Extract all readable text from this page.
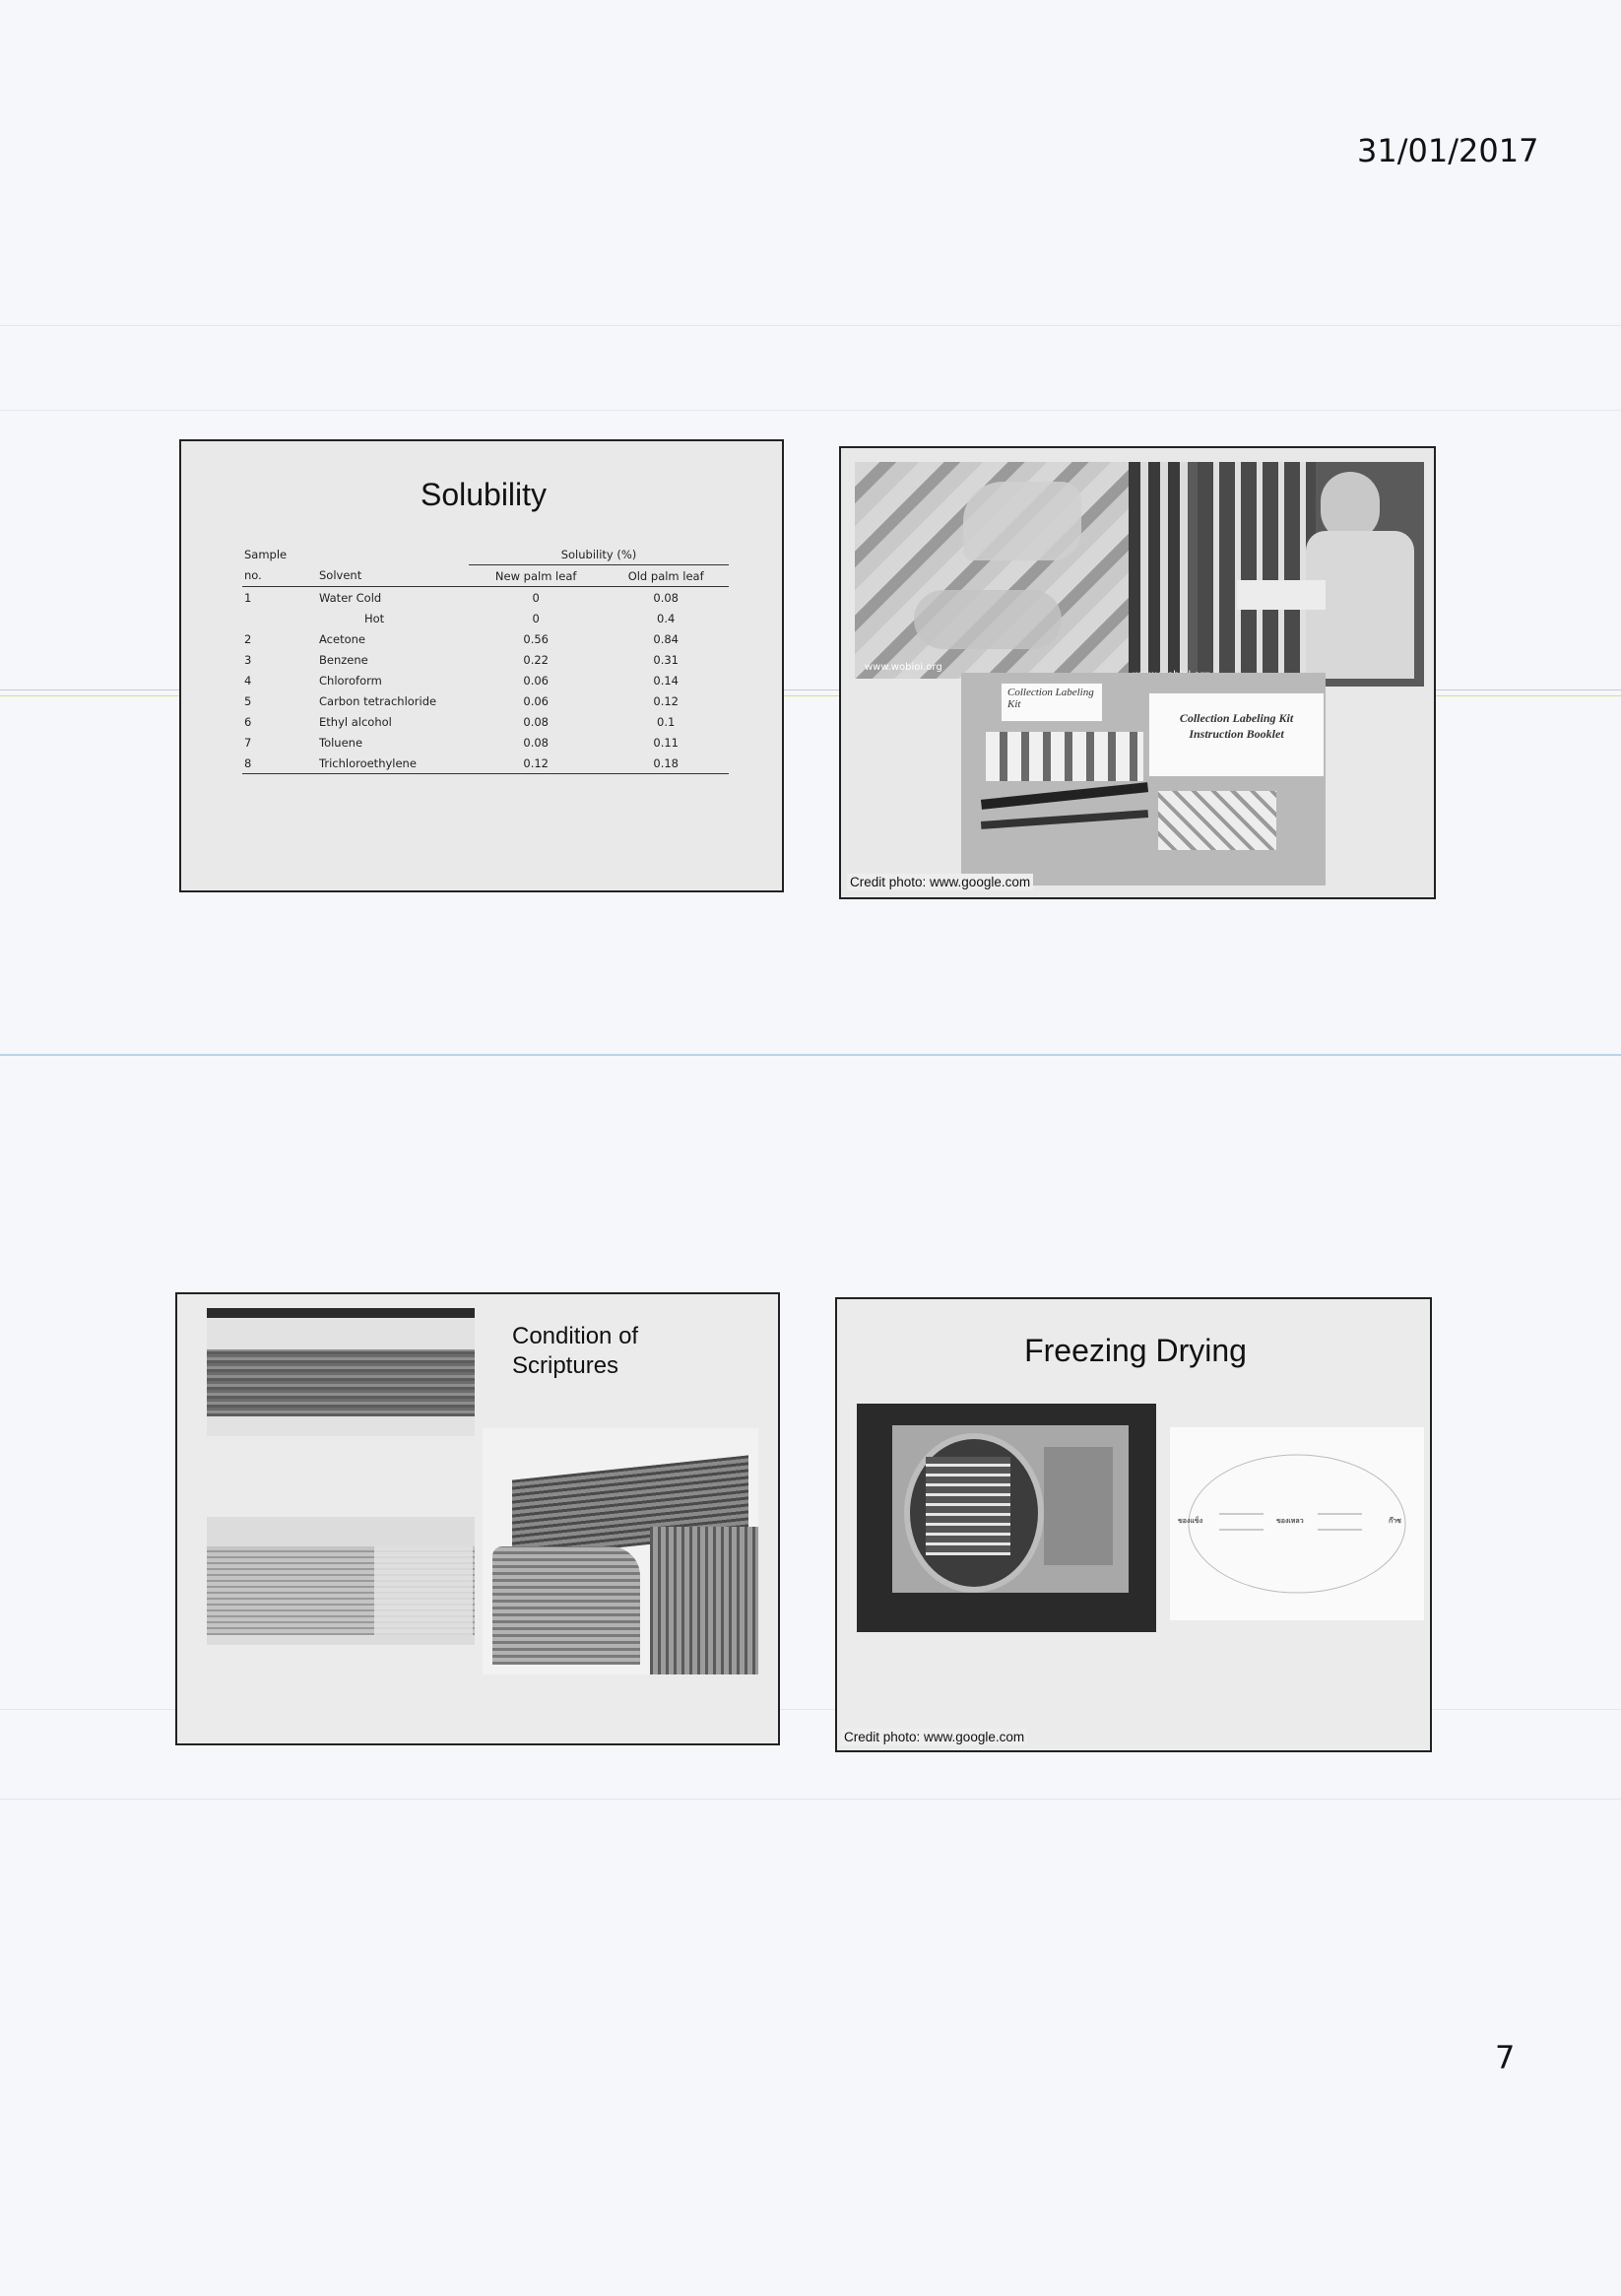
31/01/2017
Solubility
Sample		Solubility (%)	
no.	Solvent	New palm leaf	Old palm leaf
1	Water Cold	0	0.08
	Hot	0	0.4
2	Acetone	0.56	0.84
3	Benzene	0.22	0.31
4	Chloroform	0.06	0.14
5	Carbon tetrachloride	0.06	0.12
6	Ethyl alcohol	0.08	0.1
7	Toluene	0.08	0.11
8	Trichloroethylene	0.12	0.18
www.wobioi.org
Collection Labeling Kit
Collection Labeling Kit
Instruction Booklet
Credit photo: www.google.com
Condition of
Scriptures	Freezing Drying
ของแข็ง	ของเหลว	ก๊าซ
Credit photo: www.google.com
7
